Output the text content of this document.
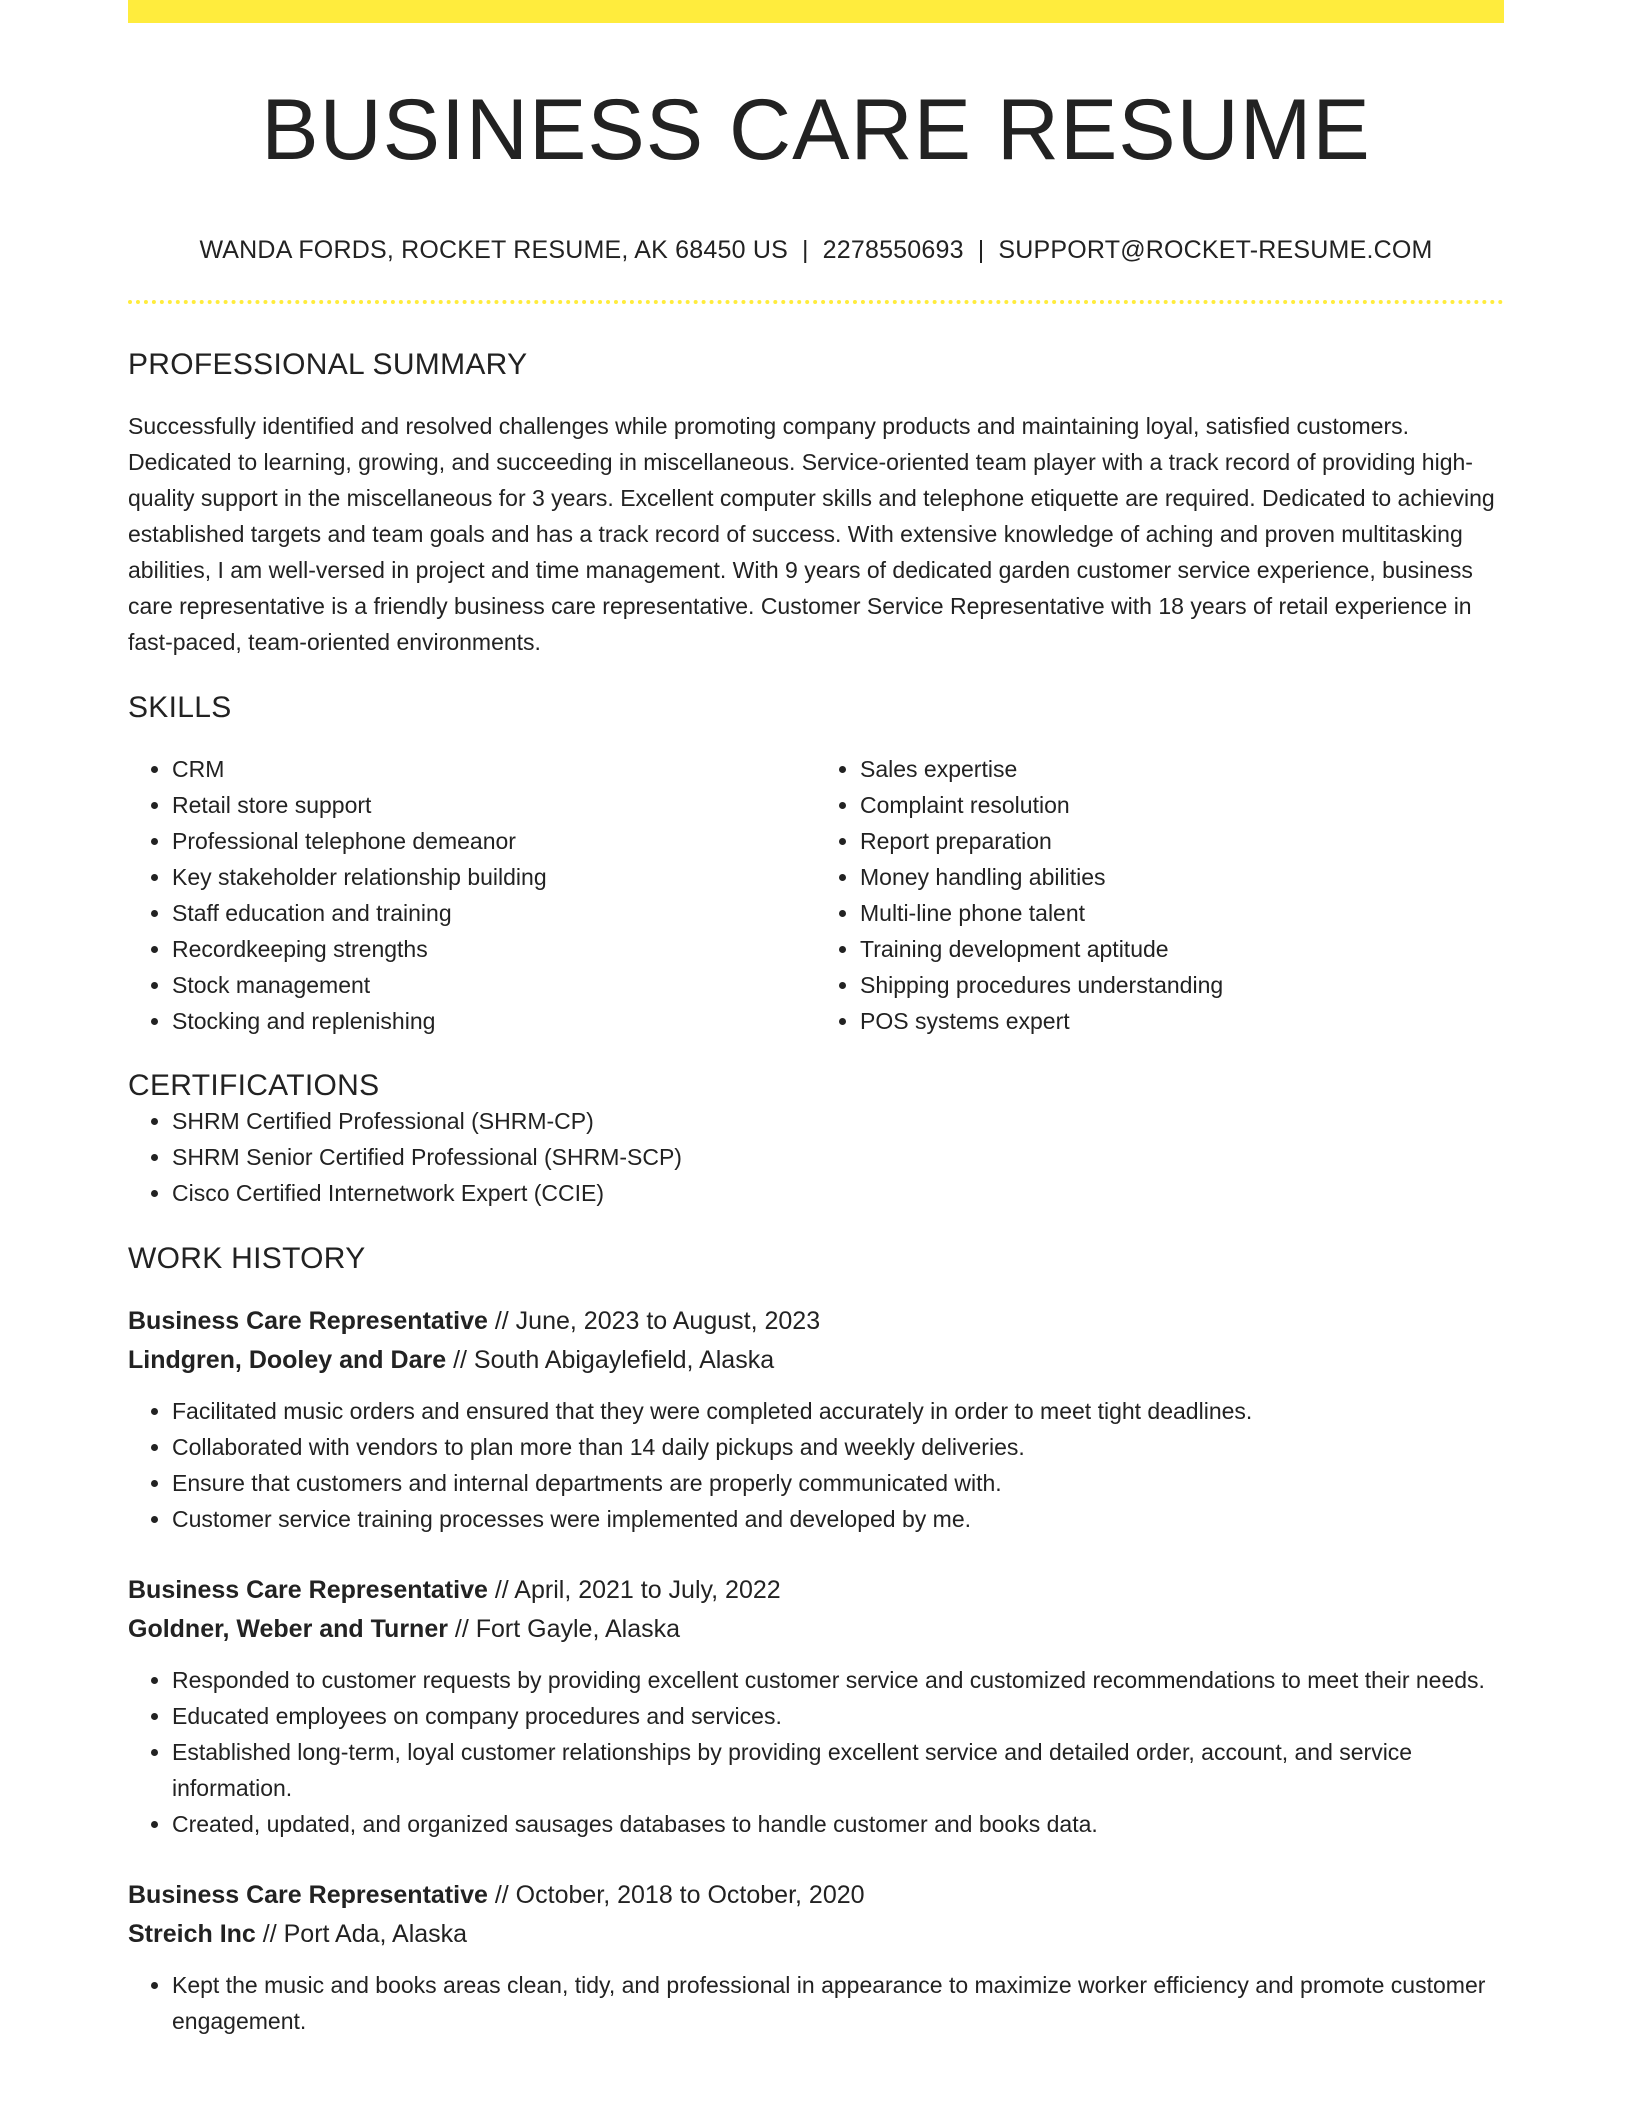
BUSINESS CARE RESUME
WANDA FORDS, ROCKET RESUME, AK 68450 US | 2278550693 | SUPPORT@ROCKET-RESUME.COM
PROFESSIONAL SUMMARY
Successfully identified and resolved challenges while promoting company products and maintaining loyal, satisfied customers. Dedicated to learning, growing, and succeeding in miscellaneous. Service-oriented team player with a track record of providing high-quality support in the miscellaneous for 3 years. Excellent computer skills and telephone etiquette are required. Dedicated to achieving established targets and team goals and has a track record of success. With extensive knowledge of aching and proven multitasking abilities, I am well-versed in project and time management. With 9 years of dedicated garden customer service experience, business care representative is a friendly business care representative. Customer Service Representative with 18 years of retail experience in fast-paced, team-oriented environments.
SKILLS
• CRM
• Retail store support
• Professional telephone demeanor
• Key stakeholder relationship building
• Staff education and training
• Recordkeeping strengths
• Stock management
• Stocking and replenishing
• Sales expertise
• Complaint resolution
• Report preparation
• Money handling abilities
• Multi-line phone talent
• Training development aptitude
• Shipping procedures understanding
• POS systems expert
CERTIFICATIONS
• SHRM Certified Professional (SHRM-CP)
• SHRM Senior Certified Professional (SHRM-SCP)
• Cisco Certified Internetwork Expert (CCIE)
WORK HISTORY
Business Care Representative // June, 2023 to August, 2023
Lindgren, Dooley and Dare // South Abigaylefield, Alaska
• Facilitated music orders and ensured that they were completed accurately in order to meet tight deadlines.
• Collaborated with vendors to plan more than 14 daily pickups and weekly deliveries.
• Ensure that customers and internal departments are properly communicated with.
• Customer service training processes were implemented and developed by me.
Business Care Representative // April, 2021 to July, 2022
Goldner, Weber and Turner // Fort Gayle, Alaska
• Responded to customer requests by providing excellent customer service and customized recommendations to meet their needs.
• Educated employees on company procedures and services.
• Established long-term, loyal customer relationships by providing excellent service and detailed order, account, and service information.
• Created, updated, and organized sausages databases to handle customer and books data.
Business Care Representative // October, 2018 to October, 2020
Streich Inc // Port Ada, Alaska
• Kept the music and books areas clean, tidy, and professional in appearance to maximize worker efficiency and promote customer engagement.
